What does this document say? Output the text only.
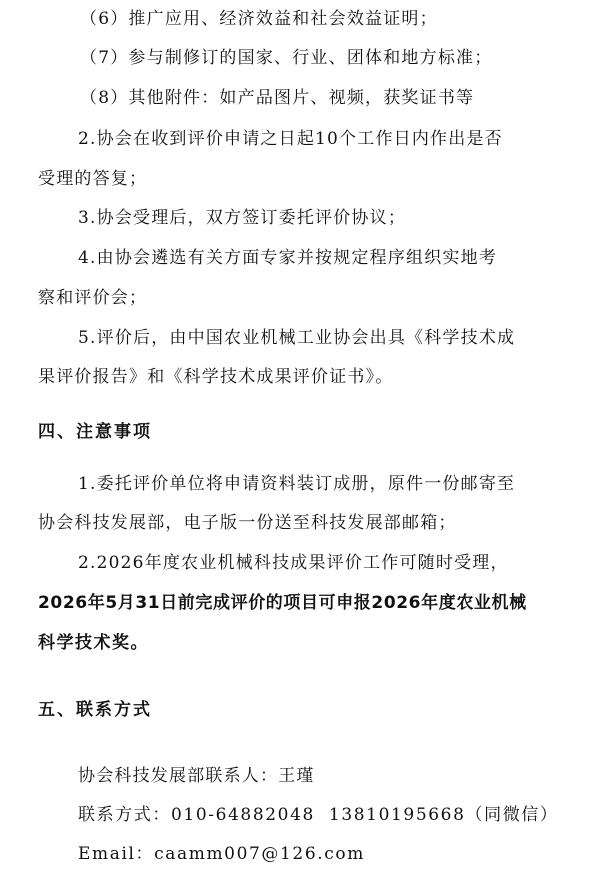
（6）推广应用、经济效益和社会效益证明；
（7）参与制修订的国家、行业、团体和地方标准；
（8）其他附件：如产品图片、视频，获奖证书等
2.协会在收到评价申请之日起10个工作日内作出是否
受理的答复；
3.协会受理后，双方签订委托评价协议；
4.由协会遴选有关方面专家并按规定程序组织实地考
察和评价会；
5.评价后，由中国农业机械工业协会出具《科学技术成
果评价报告》和《科学技术成果评价证书》。
四、注意事项
1.委托评价单位将申请资料装订成册，原件一份邮寄至
协会科技发展部，电子版一份送至科技发展部邮箱；
2.2026年度农业机械科技成果评价工作可随时受理，
2026年5月31日前完成评价的项目可申报2026年度农业机械
科学技术奖。
五、联系方式
协会科技发展部联系人：王瑾
联系方式：010-64882048  13810195668（同微信）
Email：caamm007@126.com
